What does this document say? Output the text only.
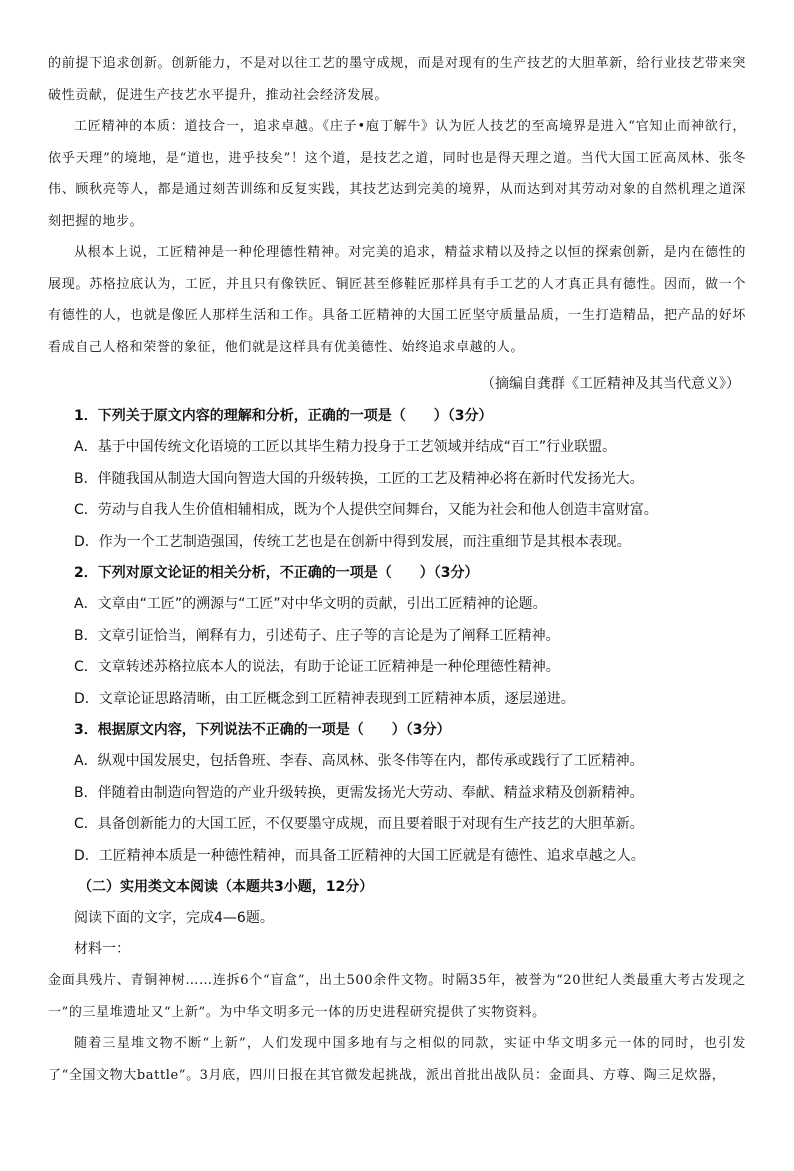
的前提下追求创新。创新能力，不是对以往工艺的墨守成规，而是对现有的生产技艺的大胆革新，给行业技艺带来突破性贡献，促进生产技艺水平提升，推动社会经济发展。

工匠精神的本质：道技合一，追求卓越。《庄子•庖丁解牛》认为匠人技艺的至高境界是进入“官知止而神欲行，依乎天理”的境地，是“道也，进乎技矣”！这个道，是技艺之道，同时也是得天理之道。当代大国工匠高凤林、张冬伟、顾秋亮等人，都是通过刻苦训练和反复实践，其技艺达到完美的境界，从而达到对其劳动对象的自然机理之道深刻把握的地步。

从根本上说，工匠精神是一种伦理德性精神。对完美的追求，精益求精以及持之以恒的探索创新，是内在德性的展现。苏格拉底认为，工匠，并且只有像铁匠、铜匠甚至修鞋匠那样具有手工艺的人才真正具有德性。因而，做一个有德性的人，也就是像匠人那样生活和工作。具备工匠精神的大国工匠坚守质量品质，一生打造精品，把产品的好坏看成自己人格和荣誉的象征，他们就是这样具有优美德性、始终追求卓越的人。

（摘编自龚群《工匠精神及其当代意义》）

1．下列关于原文内容的理解和分析，正确的一项是（　　）（3分）

A．基于中国传统文化语境的工匠以其毕生精力投身于工艺领域并结成“百工”行业联盟。

B．伴随我国从制造大国向智造大国的升级转换，工匠的工艺及精神必将在新时代发扬光大。

C．劳动与自我人生价值相辅相成，既为个人提供空间舞台，又能为社会和他人创造丰富财富。

D．作为一个工艺制造强国，传统工艺也是在创新中得到发展，而注重细节是其根本表现。

2．下列对原文论证的相关分析，不正确的一项是（　　）（3分）

A．文章由“工匠”的溯源与“工匠”对中华文明的贡献，引出工匠精神的论题。

B．文章引证恰当，阐释有力，引述荀子、庄子等的言论是为了阐释工匠精神。

C．文章转述苏格拉底本人的说法，有助于论证工匠精神是一种伦理德性精神。

D．文章论证思路清晰，由工匠概念到工匠精神表现到工匠精神本质，逐层递进。

3．根据原文内容，下列说法不正确的一项是（　　）（3分）

A．纵观中国发展史，包括鲁班、李春、高凤林、张冬伟等在内，都传承或践行了工匠精神。

B．伴随着由制造向智造的产业升级转换，更需发扬光大劳动、奉献、精益求精及创新精神。

C．具备创新能力的大国工匠，不仅要墨守成规，而且要着眼于对现有生产技艺的大胆革新。

D．工匠精神本质是一种德性精神，而具备工匠精神的大国工匠就是有德性、追求卓越之人。

（二）实用类文本阅读（本题共3小题，12分）

阅读下面的文字，完成4—6题。

材料一：

金面具残片、青铜神树……连拆6个“盲盒”，出土500余件文物。时隔35年，被誉为“20世纪人类最重大考古发现之一”的三星堆遗址又“上新”。为中华文明多元一体的历史进程研究提供了实物资料。

随着三星堆文物不断“上新”，人们发现中国多地有与之相似的同款，实证中华文明多元一体的同时，也引发了“全国文物大battle”。3月底，四川日报在其官微发起挑战，派出首批出战队员：金面具、方尊、陶三足炊器，
